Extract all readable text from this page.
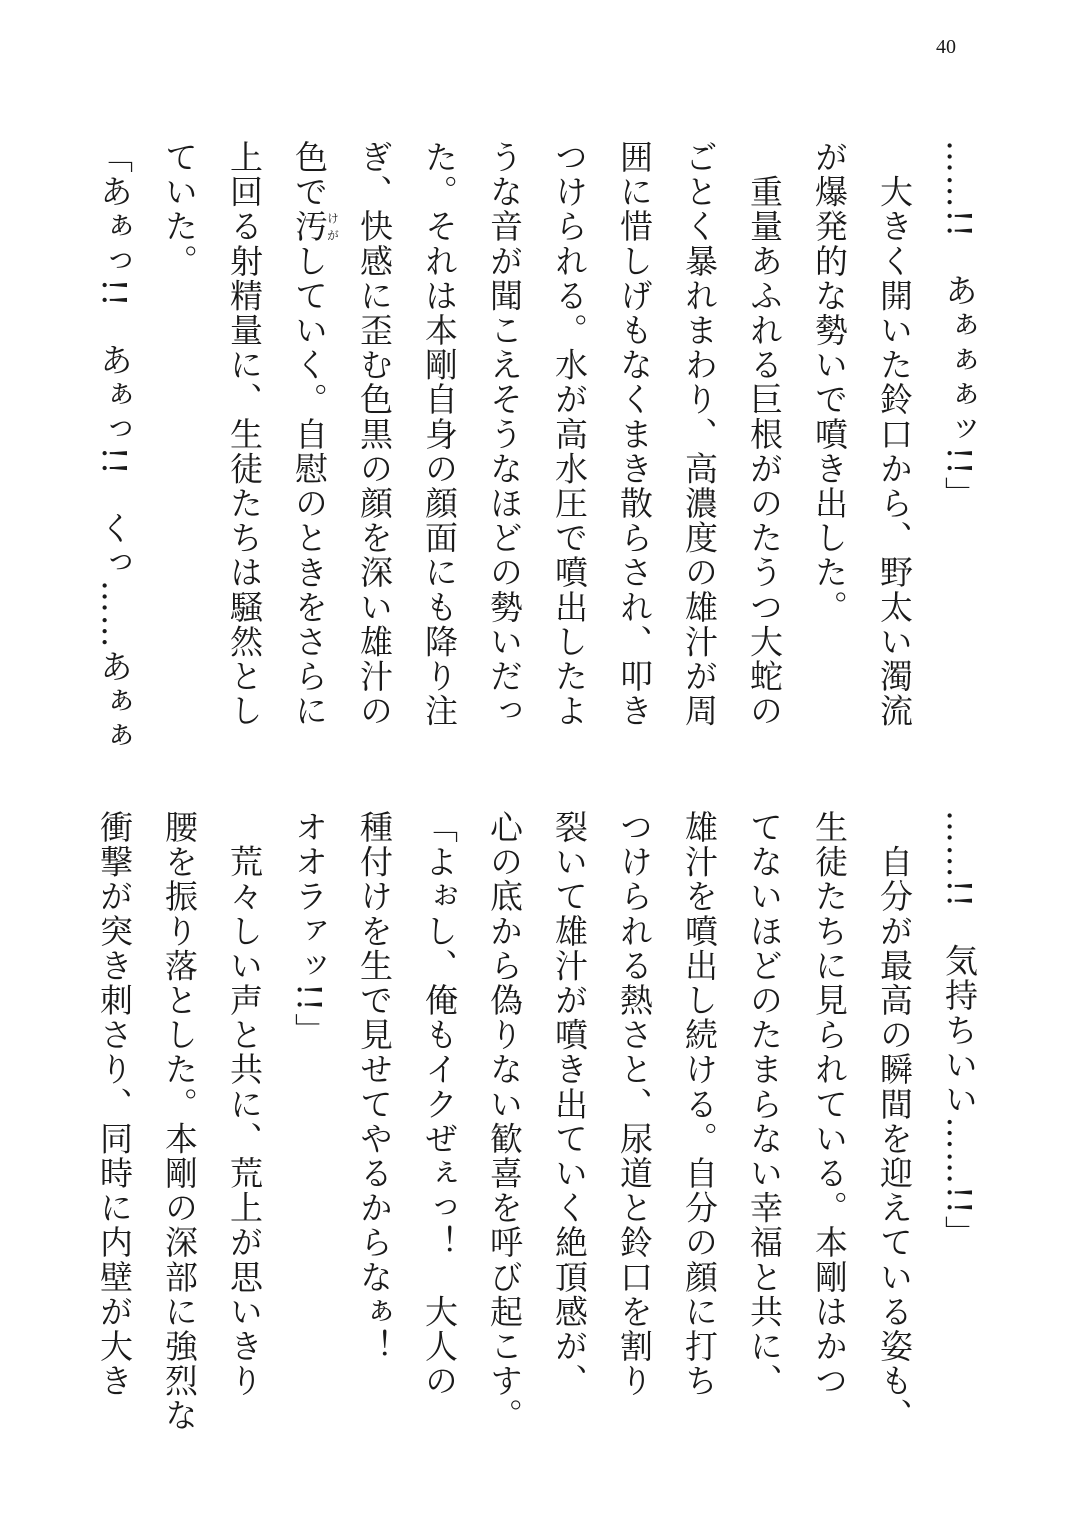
40
……!!　あぁぁぁッ!!」
　大きく開いた鈴口から、野太い濁流
が爆発的な勢いで噴き出した。
　重量あふれる巨根がのたうつ大蛇の
ごとく暴れまわり、高濃度の雄汁が周
囲に惜しげもなくまき散らされ、叩き
つけられる。水が高水圧で噴出したよ
うな音が聞こえそうなほどの勢いだっ
た。それは本剛自身の顔面にも降り注
ぎ、快感に歪む色黒の顔を深い雄汁の
色で汚けがしていく。自慰のときをさらに
上回る射精量に、生徒たちは騒然とし
ていた。
「あぁっ!!　あぁっ!!　くっ……あぁぁ
……!!　気持ちいい……!!」
　自分が最高の瞬間を迎えている姿も、
生徒たちに見られている。本剛はかつ
てないほどのたまらない幸福と共に、
雄汁を噴出し続ける。自分の顔に打ち
つけられる熱さと、尿道と鈴口を割り
裂いて雄汁が噴き出ていく絶頂感が、
心の底から偽りない歓喜を呼び起こす。
「よぉし、俺もイクぜぇっ！　大人の
種付けを生で見せてやるからなぁ！
オオラァッ!!」
　荒々しい声と共に、荒上が思いきり
腰を振り落とした。本剛の深部に強烈な
衝撃が突き刺さり、同時に内壁が大き
